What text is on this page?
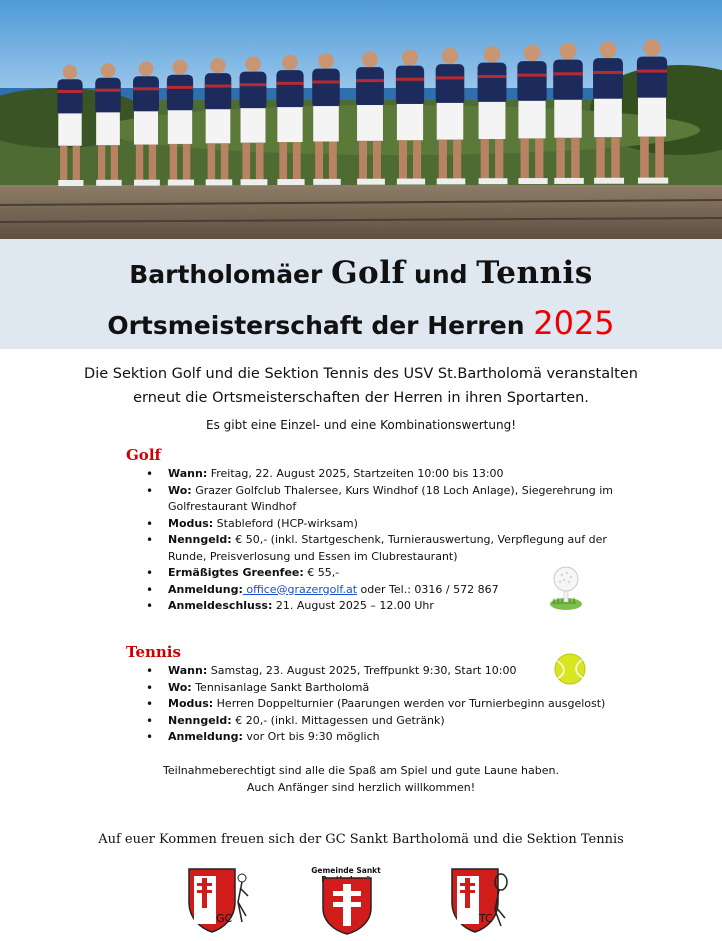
Bartholomäer Golf und Tennis
Ortsmeisterschaft der Herren 2025
Die Sektion Golf und die Sektion Tennis des USV St.Bartholomä veranstalten
erneut die Ortsmeisterschaften der Herren in ihren Sportarten.
Es gibt eine Einzel- und eine Kombinationswertung!
Golf
• Wann: Freitag, 22. August 2025, Startzeiten 10:00 bis 13:00
• Wo: Grazer Golfclub Thalersee, Kurs Windhof (18 Loch Anlage), Siegerehrung im Golfrestaurant Windhof
• Modus: Stableford (HCP-wirksam)
• Nenngeld: € 50,- (inkl. Startgeschenk, Turnierauswertung, Verpflegung auf der Runde, Preisverlosung und Essen im Clubrestaurant)
• Ermäßigtes Greenfee: € 55,-
• Anmeldung: office@grazergolf.at oder Tel.: 0316 / 572 867
• Anmeldeschluss: 21. August 2025 – 12.00 Uhr
Tennis
• Wann: Samstag, 23. August 2025, Treffpunkt 9:30, Start 10:00
• Wo: Tennisanlage Sankt Bartholomä
• Modus: Herren Doppelturnier (Paarungen werden vor Turnierbeginn ausgelost)
• Nenngeld: € 20,- (inkl. Mittagessen und Getränk)
• Anmeldung: vor Ort bis 9:30 möglich
Teilnahmeberechtigt sind alle die Spaß am Spiel und gute Laune haben.
Auch Anfänger sind herzlich willkommen!
Auf euer Kommen freuen sich der GC Sankt Bartholomä und die Sektion Tennis
GC
Gemeinde Sankt
TC
